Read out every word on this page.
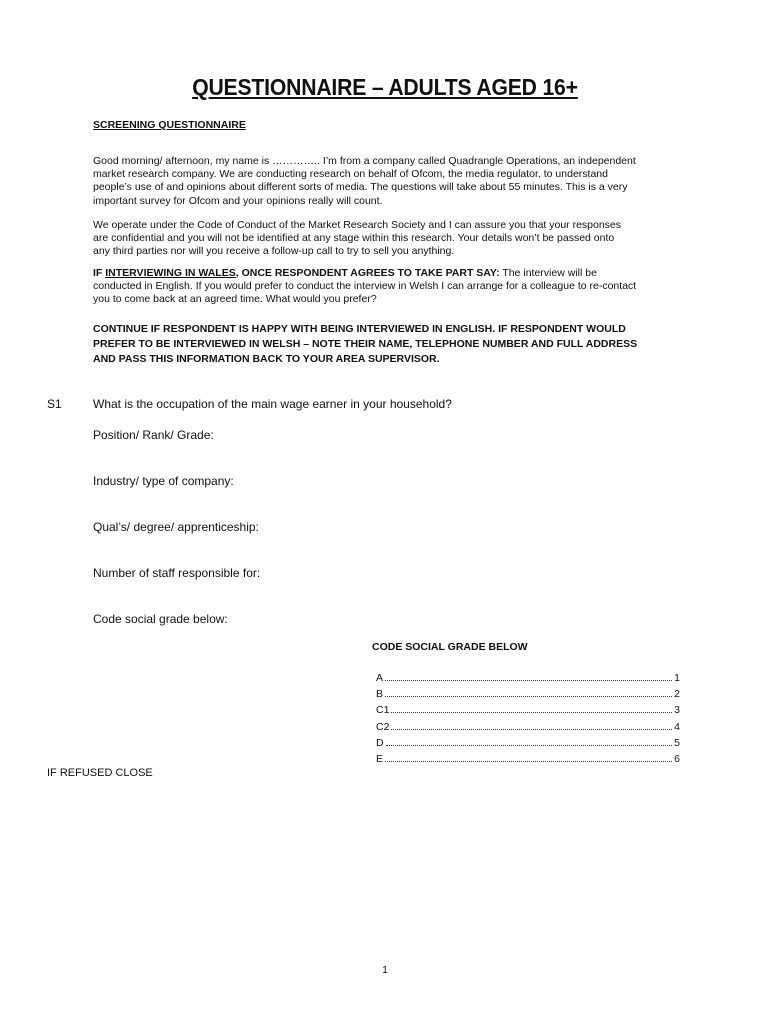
QUESTIONNAIRE – ADULTS AGED 16+
SCREENING QUESTIONNAIRE
Good morning/ afternoon, my name is ………….. I’m from a company called Quadrangle Operations, an independent
market research company. We are conducting research on behalf of Ofcom, the media regulator, to understand
people’s use of and opinions about different sorts of media. The questions will take about 55 minutes. This is a very
important survey for Ofcom and your opinions really will count.
We operate under the Code of Conduct of the Market Research Society and I can assure you that your responses
are confidential and you will not be identified at any stage within this research. Your details won’t be passed onto
any third parties nor will you receive a follow-up call to try to sell you anything.
IF INTERVIEWING IN WALES, ONCE RESPONDENT AGREES TO TAKE PART SAY: The interview will be
conducted in English. If you would prefer to conduct the interview in Welsh I can arrange for a colleague to re-contact
you to come back at an agreed time. What would you prefer?
CONTINUE IF RESPONDENT IS HAPPY WITH BEING INTERVIEWED IN ENGLISH. IF RESPONDENT WOULD
PREFER TO BE INTERVIEWED IN WELSH – NOTE THEIR NAME, TELEPHONE NUMBER AND FULL ADDRESS
AND PASS THIS INFORMATION BACK TO YOUR AREA SUPERVISOR.
S1	What is the occupation of the main wage earner in your household?
Position/ Rank/ Grade:
Industry/ type of company:
Qual’s/ degree/ apprenticeship:
Number of staff responsible for:
Code social grade below:
CODE SOCIAL GRADE BELOW
A	1
B	2
C1	3
C2	4
D	5
E	6
IF REFUSED CLOSE
1
